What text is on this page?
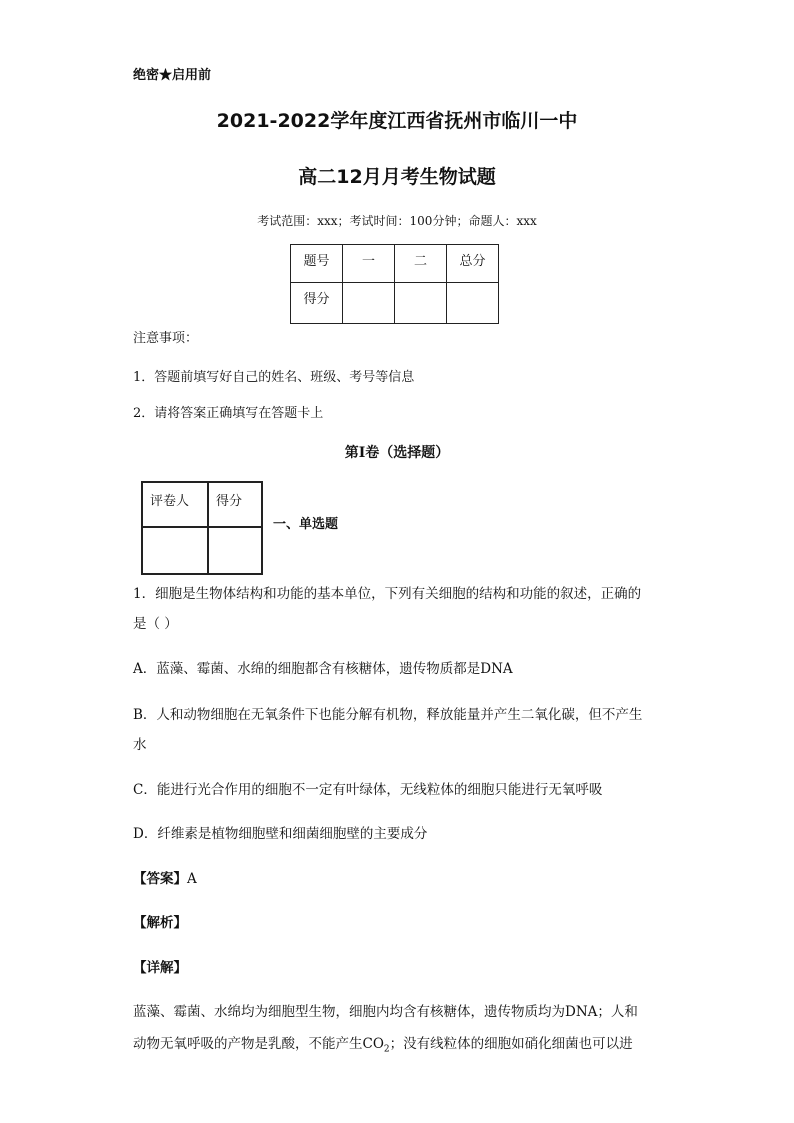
绝密★启用前
2021-2022学年度江西省抚州市临川一中
高二12月月考生物试题
考试范围：xxx；考试时间：100分钟；命题人：xxx
题号	一	二	总分
得分			
注意事项：
1．答题前填写好自己的姓名、班级、考号等信息
2．请将答案正确填写在答题卡上
第I卷（选择题）
评卷人	得分

一、单选题
1．细胞是生物体结构和功能的基本单位，下列有关细胞的结构和功能的叙述，正确的
是（ ）
A．蓝藻、霉菌、水绵的细胞都含有核糖体，遗传物质都是DNA
B．人和动物细胞在无氧条件下也能分解有机物，释放能量并产生二氧化碳，但不产生
水
C．能进行光合作用的细胞不一定有叶绿体，无线粒体的细胞只能进行无氧呼吸
D．纤维素是植物细胞壁和细菌细胞壁的主要成分
【答案】A
【解析】
【详解】
蓝藻、霉菌、水绵均为细胞型生物，细胞内均含有核糖体，遗传物质均为DNA；人和
动物无氧呼吸的产物是乳酸，不能产生$CO_2$；没有线粒体的细胞如硝化细菌也可以进
